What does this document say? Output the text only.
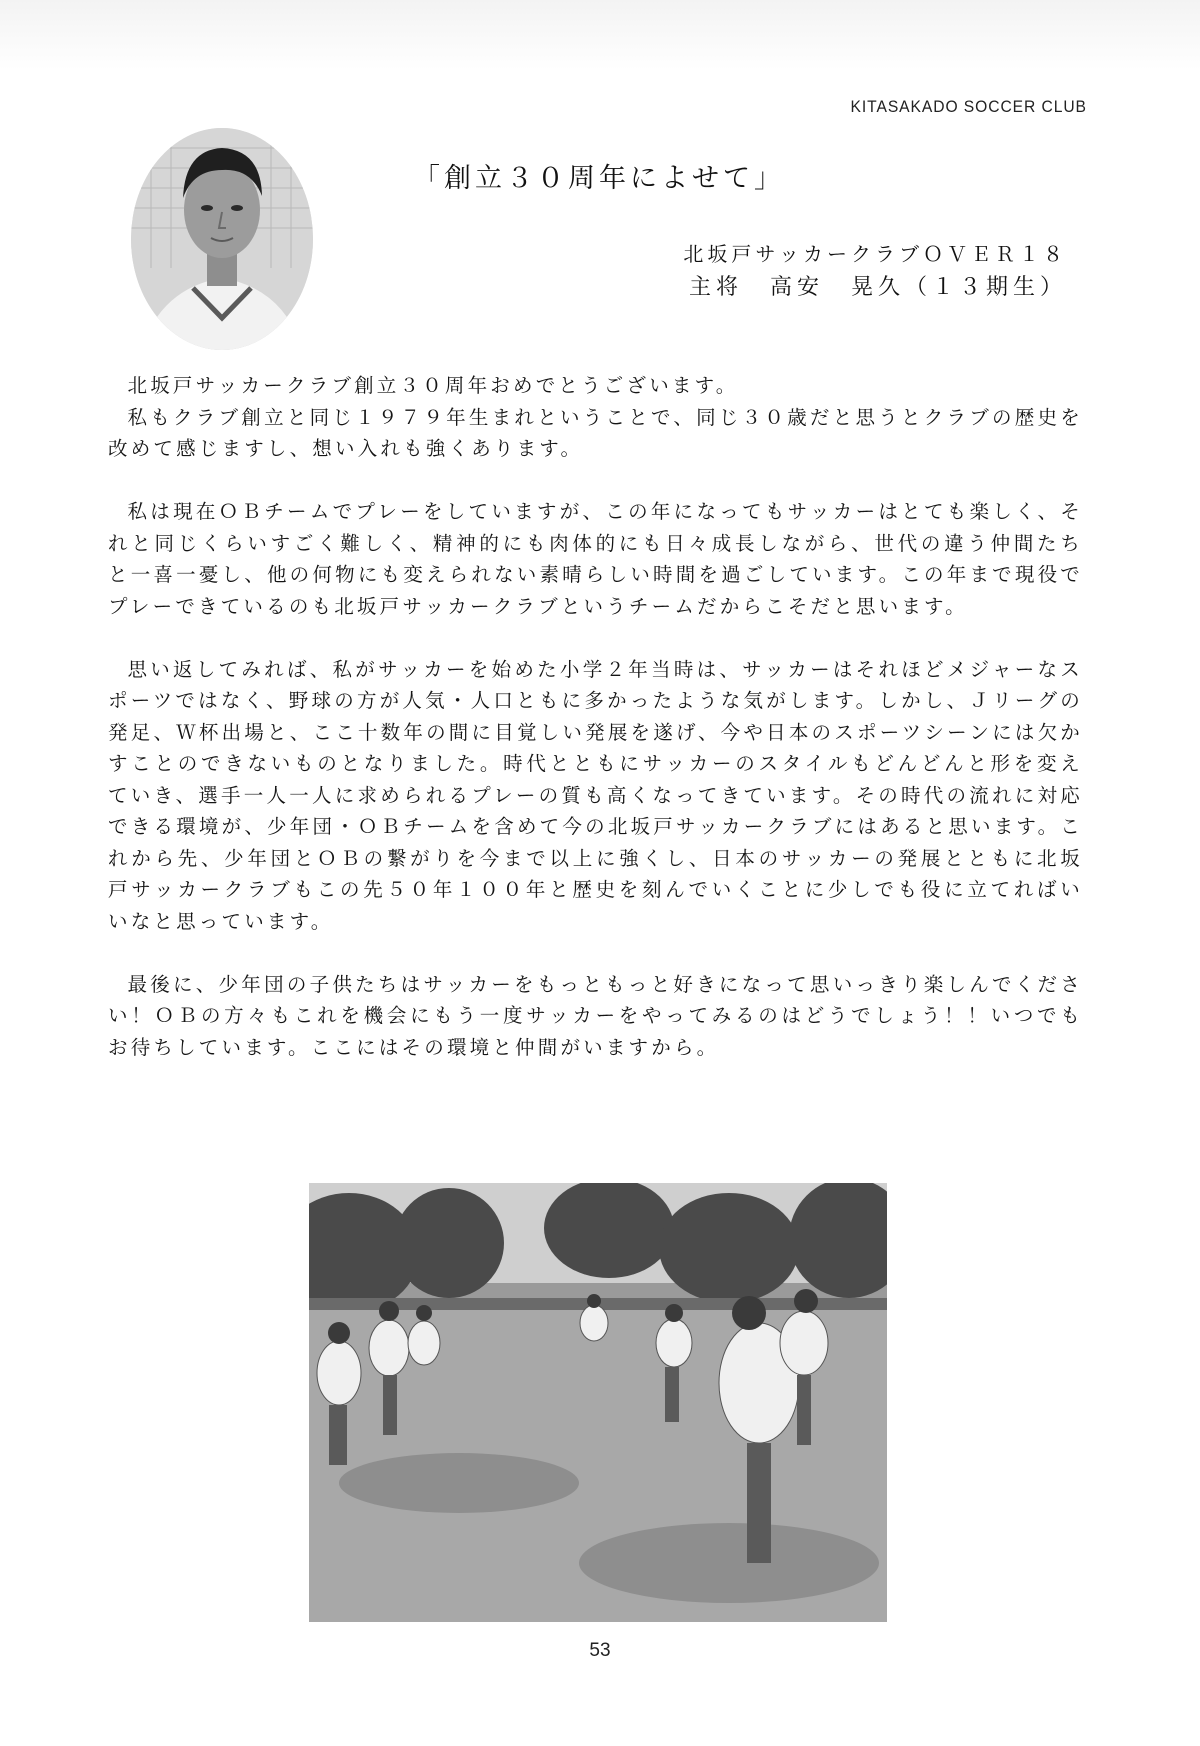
KITASAKADO SOCCER CLUB
「創立３０周年によせて」
北坂戸サッカークラブＯＶＥＲ１８
主将　高安　晃久（１３期生）

北坂戸サッカークラブ創立３０周年おめでとうございます。

私もクラブ創立と同じ１９７９年生まれということで、同じ３０歳だと思うとクラブの歴史を改めて感じますし、想い入れも強くあります。

私は現在ＯＢチームでプレーをしていますが、この年になってもサッカーはとても楽しく、それと同じくらいすごく難しく、精神的にも肉体的にも日々成長しながら、世代の違う仲間たちと一喜一憂し、他の何物にも変えられない素晴らしい時間を過ごしています。この年まで現役でプレーできているのも北坂戸サッカークラブというチームだからこそだと思います。

思い返してみれば、私がサッカーを始めた小学２年当時は、サッカーはそれほどメジャーなスポーツではなく、野球の方が人気・人口ともに多かったような気がします。しかし、Ｊリーグの発足、Ｗ杯出場と、ここ十数年の間に目覚しい発展を遂げ、今や日本のスポーツシーンには欠かすことのできないものとなりました。時代とともにサッカーのスタイルもどんどんと形を変えていき、選手一人一人に求められるプレーの質も高くなってきています。その時代の流れに対応できる環境が、少年団・ＯＢチームを含めて今の北坂戸サッカークラブにはあると思います。これから先、少年団とＯＢの繋がりを今まで以上に強くし、日本のサッカーの発展とともに北坂戸サッカークラブもこの先５０年１００年と歴史を刻んでいくことに少しでも役に立てればいいなと思っています。

最後に、少年団の子供たちはサッカーをもっともっと好きになって思いっきり楽しんでください！ＯＢの方々もこれを機会にもう一度サッカーをやってみるのはどうでしょう！！いつでもお待ちしています。ここにはその環境と仲間がいますから。

53
